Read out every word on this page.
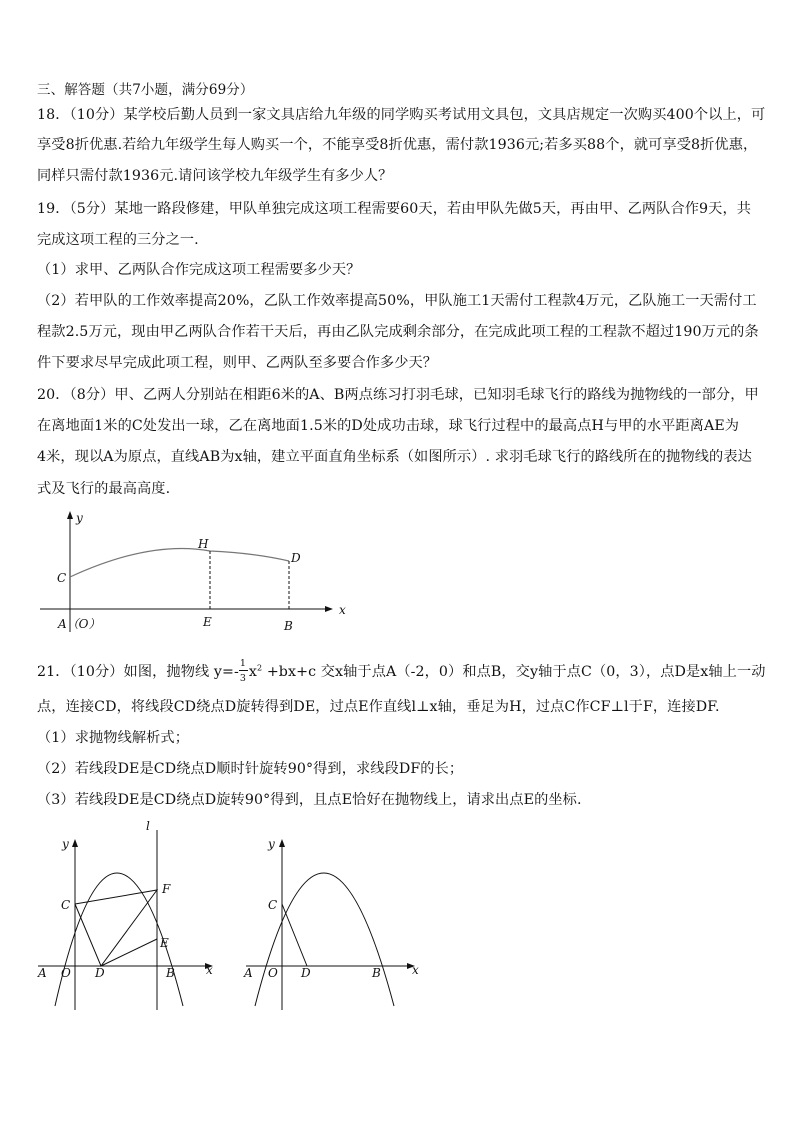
三、解答题（共7小题，满分69分）
18．（10分）某学校后勤人员到一家文具店给九年级的同学购买考试用文具包，文具店规定一次购买400个以上，可
享受8折优惠.若给九年级学生每人购买一个，不能享受8折优惠，需付款1936元;若多买88个，就可享受8折优惠，
同样只需付款1936元.请问该学校九年级学生有多少人？
19．（5分）某地一路段修建，甲队单独完成这项工程需要60天，若由甲队先做5天，再由甲、乙两队合作9天，共
完成这项工程的三分之一.
（1）求甲、乙两队合作完成这项工程需要多少天？
（2）若甲队的工作效率提高20%，乙队工作效率提高50%，甲队施工1天需付工程款4万元，乙队施工一天需付工
程款2.5万元，现由甲乙两队合作若干天后，再由乙队完成剩余部分，在完成此项工程的工程款不超过190万元的条
件下要求尽早完成此项工程，则甲、乙两队至多要合作多少天？
20．（8分）甲、乙两人分别站在相距6米的A、B两点练习打羽毛球，已知羽毛球飞行的路线为抛物线的一部分，甲
在离地面1米的C处发出一球，乙在离地面1.5米的D处成功击球，球飞行过程中的最高点H与甲的水平距离AE为
4米，现以A为原点，直线AB为x轴，建立平面直角坐标系（如图所示）. 求羽毛球飞行的路线所在的抛物线的表达
式及飞行的最高高度.
y
x
C
H
D
E	B
A（O）
21．（10分）如图，抛物线 $y=- \frac{1}{3} x^2 +bx+c$ 交x轴于点A（-2，0）和点B，交y轴于点C（0，3），点D是x轴上一动
点，连接CD，将线段CD绕点D旋转得到DE，过点E作直线l⊥x轴，垂足为H，过点C作CF⊥l于F，连接DF.
（1）求抛物线解析式；
（2）若线段DE是CD绕点D顺时针旋转90°得到，求线段DF的长；
（3）若线段DE是CD绕点D旋转90°得到，且点E恰好在抛物线上，请求出点E的坐标.
y
l
C
F
E
A O D	B	x
y
C
A O D	B	x
